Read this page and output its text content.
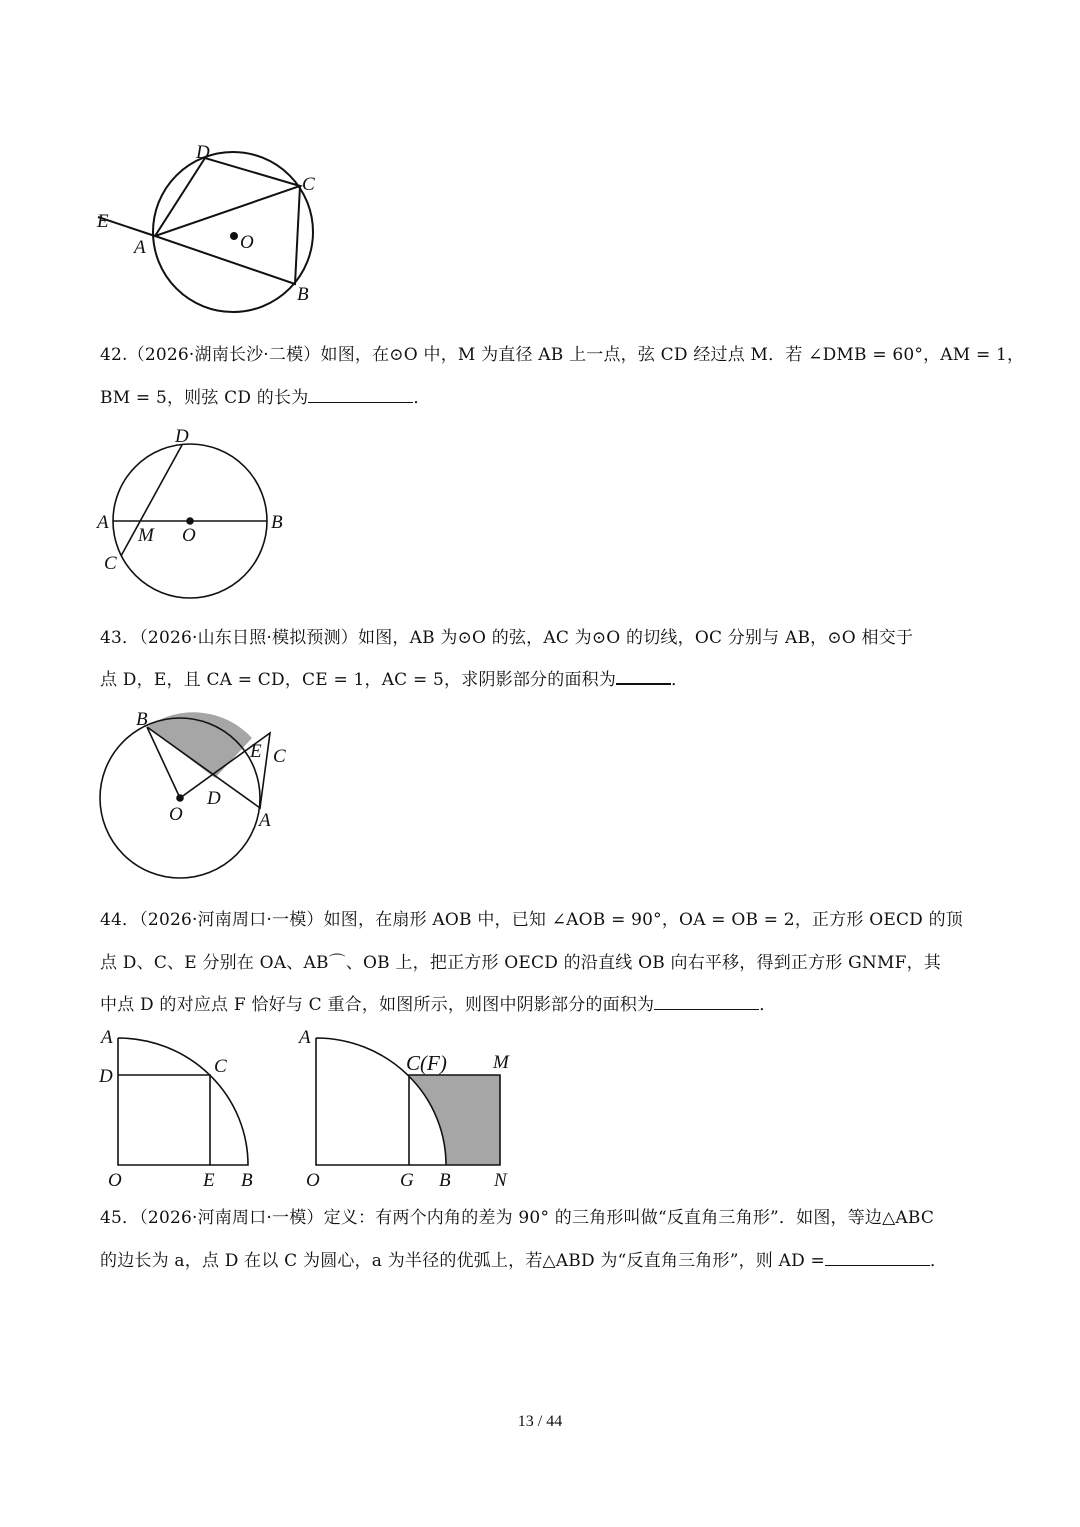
D
C
E
A	O
B
D
A	B
M O
C
B
E C
D
O	A
A
D	C
O	E B
A
C(F) M
O	G B N
42.（2026·湖南长沙·二模）如图，在⊙O 中，M 为直径 AB 上一点，弦 CD 经过点 M．若 ∠DMB = 60°，AM = 1，
BM = 5，则弦 CD 的长为	．
43．（2026·山东日照·模拟预测）如图，AB 为⊙O 的弦，AC 为⊙O 的切线，OC 分别与 AB，⊙O 相交于
点 D，E，且 CA = CD，CE = 1，AC = 5，求阴影部分的面积为	．
44．（2026·河南周口·一模）如图，在扇形 AOB 中，已知 ∠AOB = 90°，OA = OB = 2，正方形 OECD 的顶
点 D、C、E 分别在 OA、AB⌒、OB 上，把正方形 OECD 的沿直线 OB 向右平移，得到正方形 GNMF，其
中点 D 的对应点 F 恰好与 C 重合，如图所示，则图中阴影部分的面积为	．
45．（2026·河南周口·一模）定义：有两个内角的差为 90° 的三角形叫做“反直角三角形”．如图，等边△ABC
的边长为 a，点 D 在以 C 为圆心，a 为半径的优弧上，若△ABD 为“反直角三角形”，则 AD =	．
13 / 44
